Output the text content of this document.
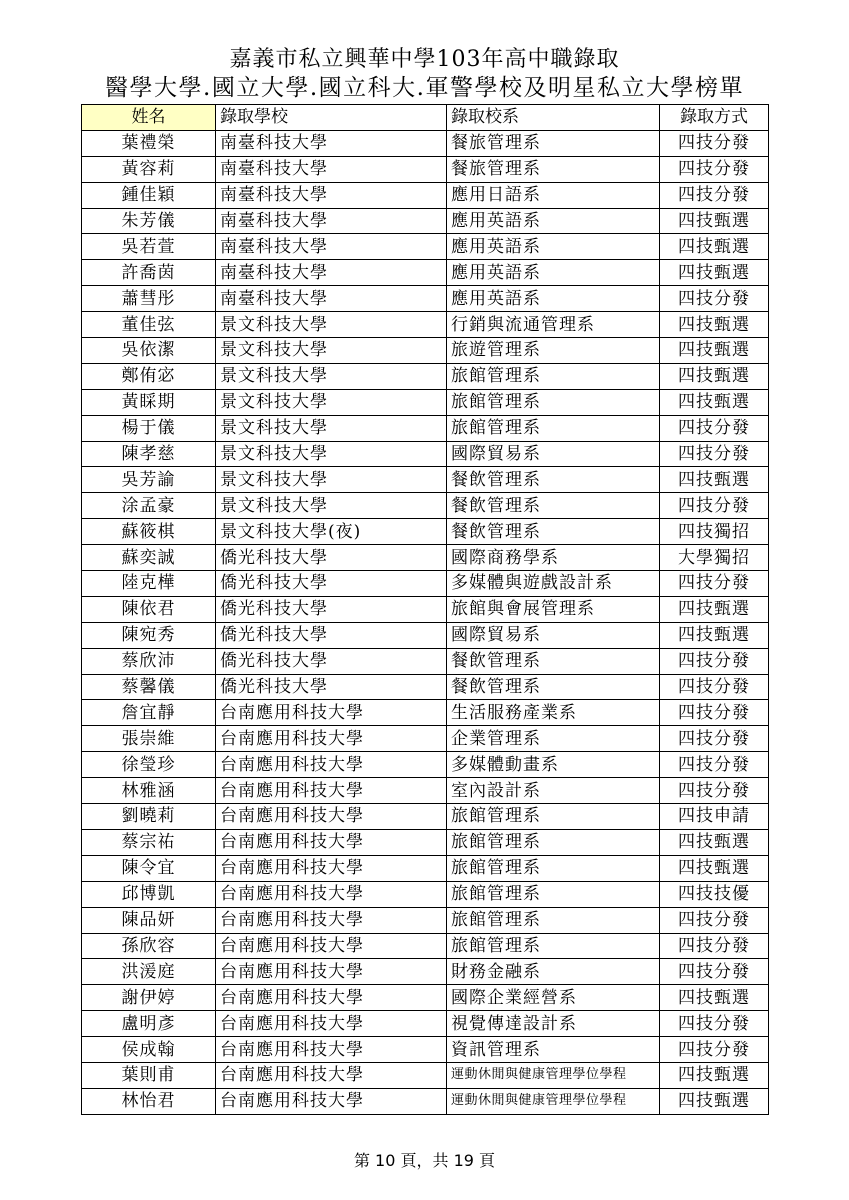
嘉義市私立興華中學103年高中職錄取
醫學大學.國立大學.國立科大.軍警學校及明星私立大學榜單
姓名	錄取學校	錄取校系	錄取方式
葉禮榮	南臺科技大學	餐旅管理系	四技分發
黃容莉	南臺科技大學	餐旅管理系	四技分發
鍾佳穎	南臺科技大學	應用日語系	四技分發
朱芳儀	南臺科技大學	應用英語系	四技甄選
吳若萱	南臺科技大學	應用英語系	四技甄選
許喬茵	南臺科技大學	應用英語系	四技甄選
蕭彗彤	南臺科技大學	應用英語系	四技分發
董佳弦	景文科技大學	行銷與流通管理系	四技甄選
吳依潔	景文科技大學	旅遊管理系	四技甄選
鄭侑宓	景文科技大學	旅館管理系	四技甄選
黃睬期	景文科技大學	旅館管理系	四技甄選
楊于儀	景文科技大學	旅館管理系	四技分發
陳孝慈	景文科技大學	國際貿易系	四技分發
吳芳諭	景文科技大學	餐飲管理系	四技甄選
涂孟豪	景文科技大學	餐飲管理系	四技分發
蘇筱棋	景文科技大學(夜)	餐飲管理系	四技獨招
蘇奕誠	僑光科技大學	國際商務學系	大學獨招
陸克樺	僑光科技大學	多媒體與遊戲設計系	四技分發
陳依君	僑光科技大學	旅館與會展管理系	四技甄選
陳宛秀	僑光科技大學	國際貿易系	四技甄選
蔡欣沛	僑光科技大學	餐飲管理系	四技分發
蔡馨儀	僑光科技大學	餐飲管理系	四技分發
詹宜靜	台南應用科技大學	生活服務產業系	四技分發
張崇維	台南應用科技大學	企業管理系	四技分發
徐瑩珍	台南應用科技大學	多媒體動畫系	四技分發
林雅涵	台南應用科技大學	室內設計系	四技分發
劉曉莉	台南應用科技大學	旅館管理系	四技申請
蔡宗祐	台南應用科技大學	旅館管理系	四技甄選
陳令宜	台南應用科技大學	旅館管理系	四技甄選
邱博凱	台南應用科技大學	旅館管理系	四技技優
陳品妍	台南應用科技大學	旅館管理系	四技分發
孫欣容	台南應用科技大學	旅館管理系	四技分發
洪湲庭	台南應用科技大學	財務金融系	四技分發
謝伊婷	台南應用科技大學	國際企業經營系	四技甄選
盧明彥	台南應用科技大學	視覺傳達設計系	四技分發
侯成翰	台南應用科技大學	資訊管理系	四技分發
葉則甫	台南應用科技大學	運動休閒與健康管理學位學程	四技甄選
林怡君	台南應用科技大學	運動休閒與健康管理學位學程	四技甄選
第 10 頁，共 19 頁
